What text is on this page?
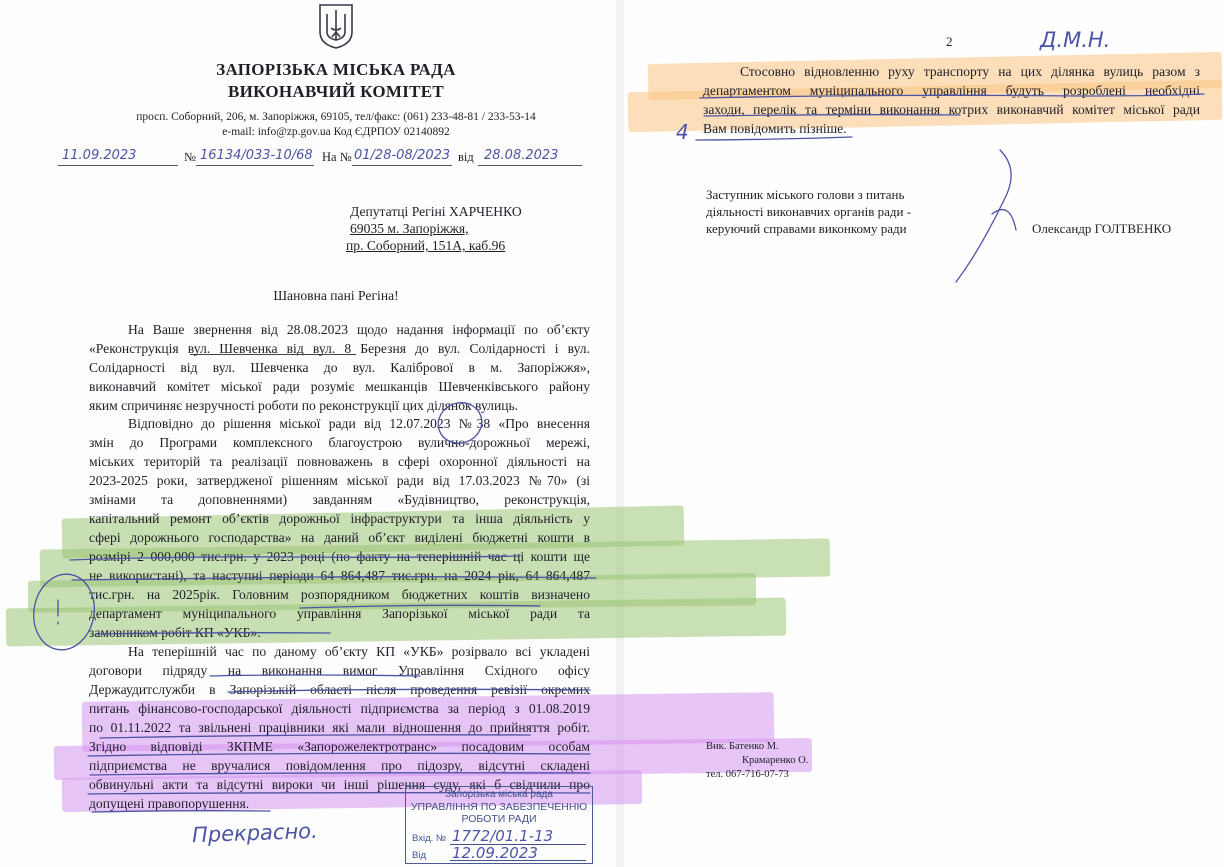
ЗАПОРІЗЬКА МІСЬКА РАДА
ВИКОНАВЧИЙ КОМІТЕТ
просп. Соборний, 206, м. Запоріжжя, 69105, тел/факс: (061) 233-48-81 / 233-53-14
e-mail: info@zp.gov.ua Код ЄДРПОУ 02140892
11.09.2023	№ 16134/033-10/68 На № 01/28-08/2023 від 28.08.2023
Депутатці Регіні ХАРЧЕНКО
69035 м. Запоріжжя,
пр. Соборний, 151А, каб.96
Шановна пані Регіна!
На Ваше звернення від 28.08.2023 щодо надання інформації по об’єкту
«Реконструкція вул. Шевченка від вул. 8 Березня до вул. Солідарності і вул.
Солідарності від вул. Шевченка до вул. Калібрової в м. Запоріжжя»,
виконавчий комітет міської ради розуміє мешканців Шевченківського району
яким спричиняє незручності роботи по реконструкції цих ділянок вулиць.
Відповідно до рішення міської ради від 12.07.2023 №38 «Про внесення
змін до Програми комплексного благоустрою вулично-дорожньої мережі,
міських територій та реалізації повноважень в сфері охоронної діяльності на
2023-2025 роки, затвердженої рішенням міської ради від 17.03.2023 №70» (зі
змінами та доповненнями) завданням «Будівництво, реконструкція,
капітальний ремонт об’єктів дорожньої інфраструктури та інша діяльність у
сфері дорожнього господарства» на даний об’єкт виділені бюджетні кошти в
розмірі 2 000,000 тис.грн. у 2023 році (по факту на теперішній час ці кошти ще
не використані), та наступні періоди 64 864,487 тис.грн. на 2024 рік, 64 864,487
тис.грн. на 2025рік. Головним розпорядником бюджетних коштів визначено
департамент муніципального управління Запорізької міської ради та
замовником робіт КП «УКБ».
На теперішній час по даному об’єкту КП «УКБ» розірвало всі укладені
договори підряду на виконання вимог Управління Східного офісу
Держаудитслужби в Запорізькій області після проведення ревізії окремих
питань фінансово-господарської діяльності підприємства за період з 01.08.2019
по 01.11.2022 та звільнені працівники які мали відношення до прийняття робіт.
Згідно відповіді ЗКПМЕ «Запорожелектротранс» посадовим особам
підприємства не вручалися повідомлення про підозру, відсутні складені
обвинульні акти та відсутні вироки чи інші рішення суду, які б свідчили про
допущені правопорушення.
Прекрасно.
Запорізька міська рада
УПРАВЛІННЯ ПО ЗАБЕЗПЕЧЕННЮ
РОБОТИ РАДИ
Вхід. № 1772/01.1-13
Від 12.09.2023
2	Д.М.Н.
Стосовно відновленню руху транспорту на цих ділянка вулиць разом з
департаментом муніципального управління будуть розроблені необхідні
заходи, перелік та терміни виконання котрих виконавчий комітет міської ради
Вам повідомить пізніше.
4
Заступник міського голови з питань
діяльності виконавчих органів ради -
керуючий справами виконкому ради	Олександр ГОЛТВЕНКО
Вик. Батенко М.
Крамаренко О.
тел. 067-716-07-73
